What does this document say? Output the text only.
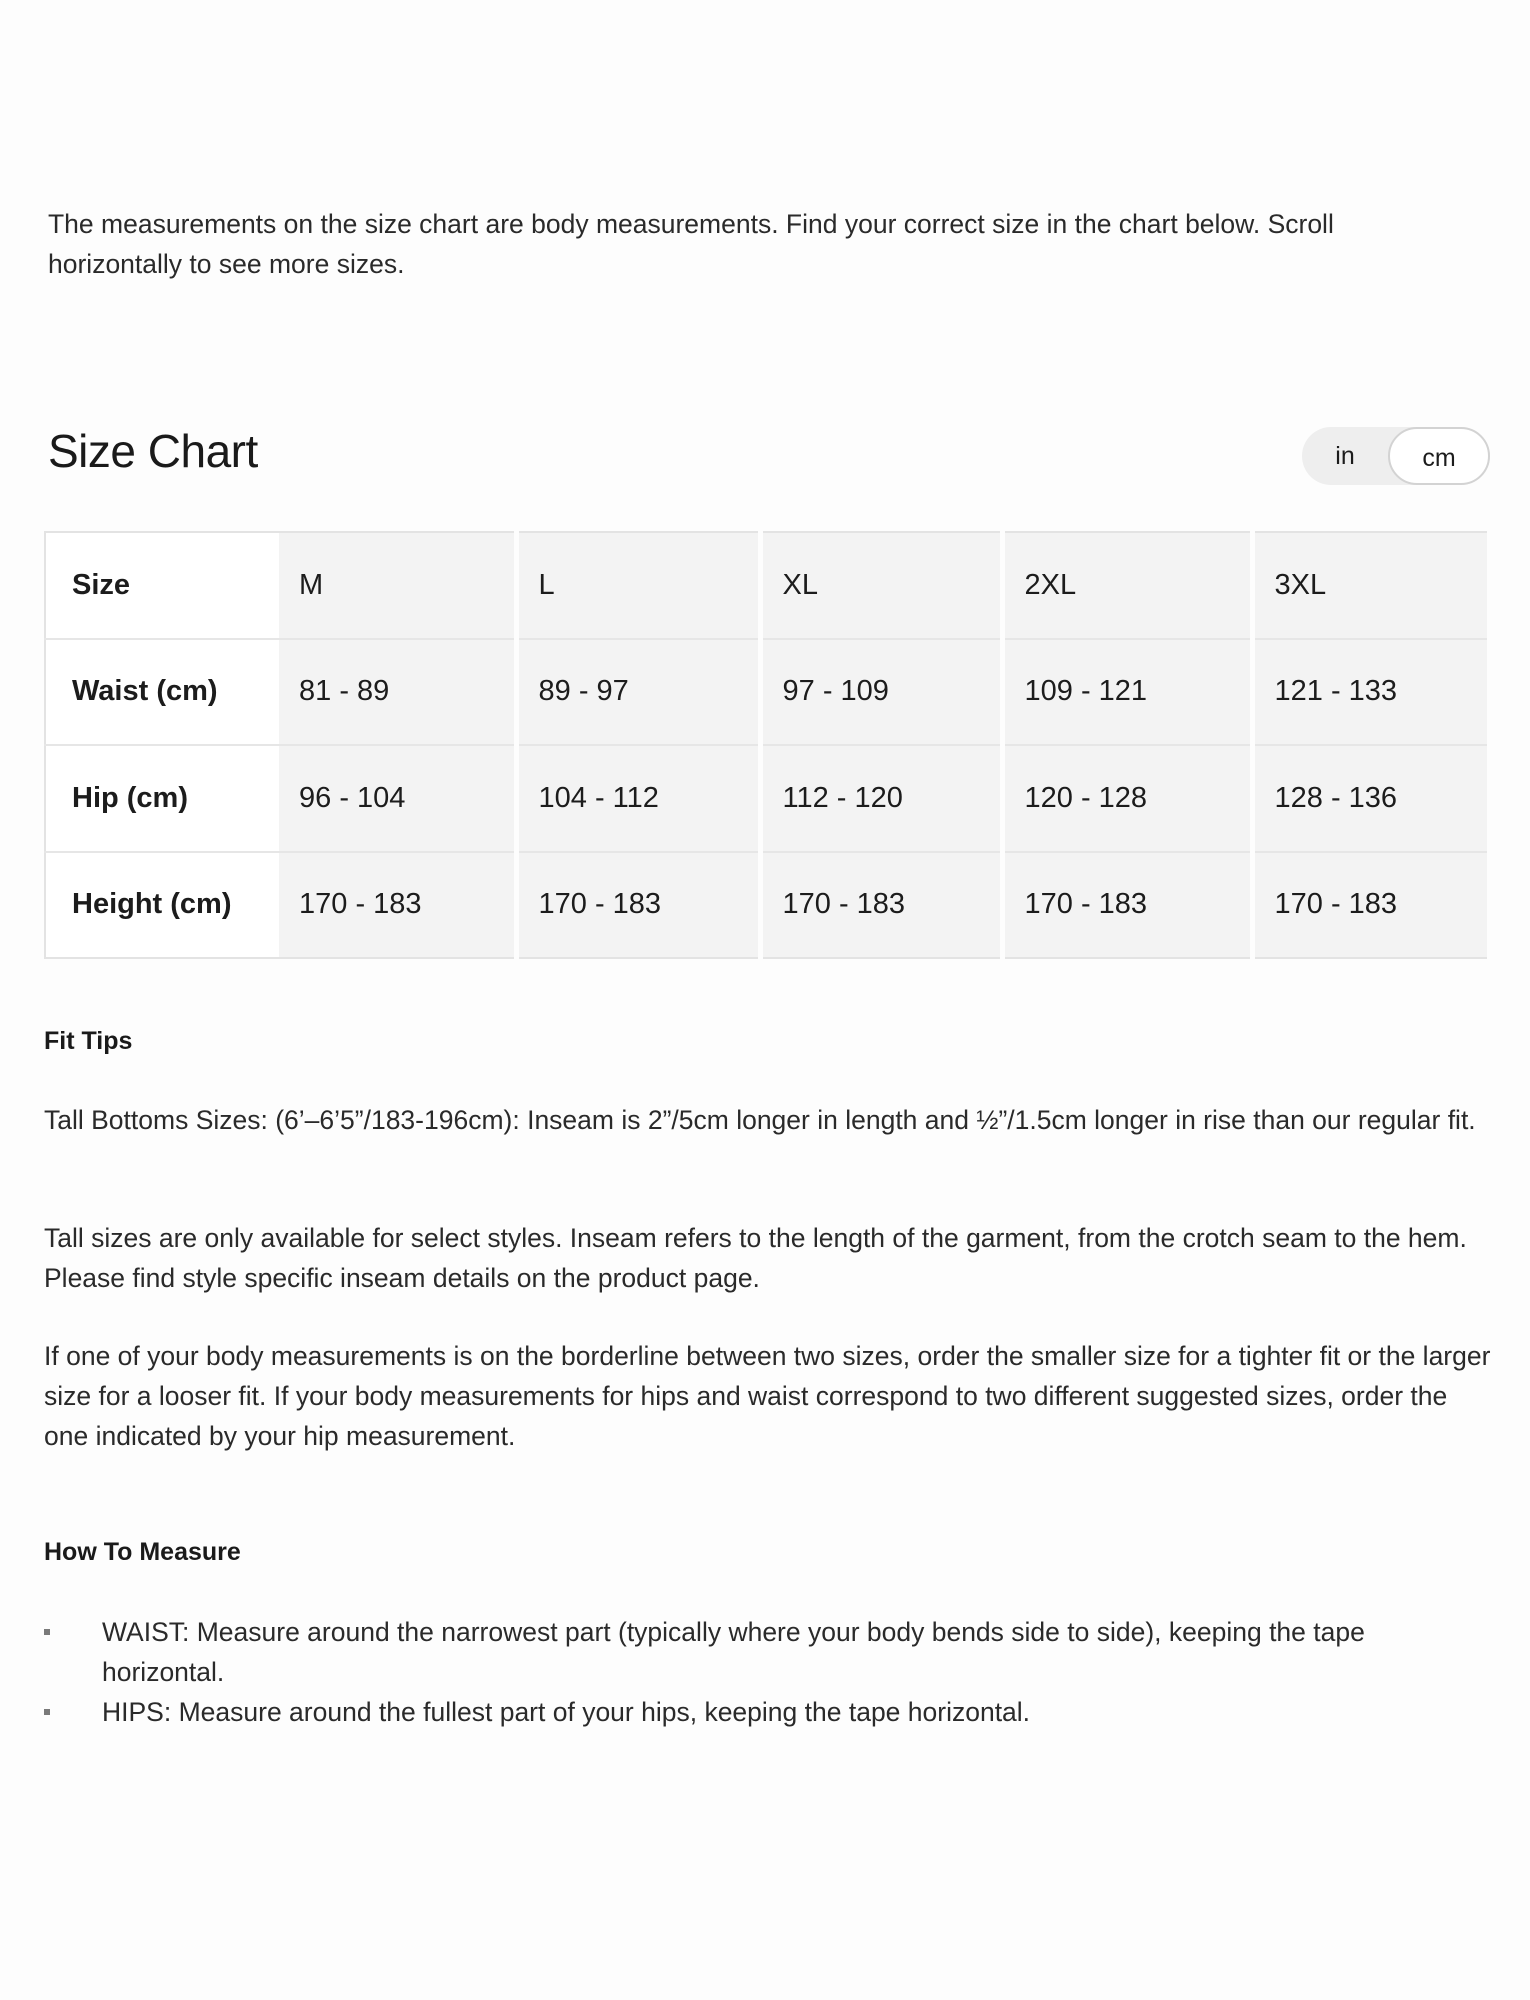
The measurements on the size chart are body measurements. Find your correct size in the chart below. Scroll horizontally to see more sizes.

Size Chart	in	cm
Size	M	L	XL	2XL	3XL
Waist (cm)	81 - 89	89 - 97	97 - 109	109 - 121	121 - 133
Hip (cm)	96 - 104	104 - 112	112 - 120	120 - 128	128 - 136
Height (cm)	170 - 183	170 - 183	170 - 183	170 - 183	170 - 183
Fit Tips

Tall Bottoms Sizes: (6’–6’5”/183-196cm): Inseam is 2”/5cm longer in length and ½”/1.5cm longer in rise than our regular fit.

Tall sizes are only available for select styles. Inseam refers to the length of the garment, from the crotch seam to the hem. Please find style specific inseam details on the product page.

If one of your body measurements is on the borderline between two sizes, order the smaller size for a tighter fit or the larger size for a looser fit. If your body measurements for hips and waist correspond to two different suggested sizes, order the one indicated by your hip measurement.

How To Measure
WAIST: Measure around the narrowest part (typically where your body bends side to side), keeping the tape horizontal.
HIPS: Measure around the fullest part of your hips, keeping the tape horizontal.
